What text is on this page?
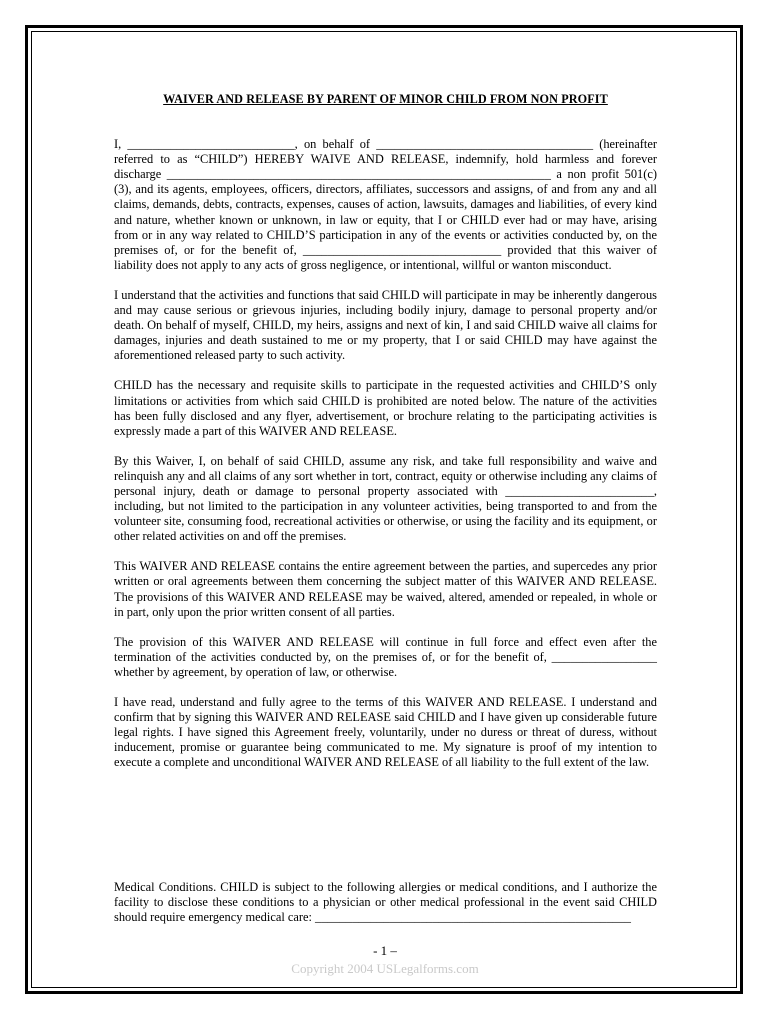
WAIVER AND RELEASE BY PARENT OF MINOR CHILD FROM NON PROFIT

I, ___________________________, on behalf of ___________________________________ (hereinafter referred to as “CHILD”) HEREBY WAIVE AND RELEASE, indemnify, hold harmless and forever discharge ______________________________________________________________ a non profit 501(c) (3), and its agents, employees, officers, directors, affiliates, successors and assigns, of and from any and all claims, demands, debts, contracts, expenses, causes of action, lawsuits, damages and liabilities, of every kind and nature, whether known or unknown, in law or equity, that I or CHILD ever had or may have, arising from or in any way related to CHILD’S participation in any of the events or activities conducted by, on the premises of, or for the benefit of, ________________________________ provided that this waiver of liability does not apply to any acts of gross negligence, or intentional, willful or wanton misconduct.

I understand that the activities and functions that said CHILD will participate in may be inherently dangerous and may cause serious or grievous injuries, including bodily injury, damage to personal property and/or death. On behalf of myself, CHILD, my heirs, assigns and next of kin, I and said CHILD waive all claims for damages, injuries and death sustained to me or my property, that I or said CHILD may have against the aforementioned released party to such activity.

CHILD has the necessary and requisite skills to participate in the requested activities and CHILD’S only limitations or activities from which said CHILD is prohibited are noted below. The nature of the activities has been fully disclosed and any flyer, advertisement, or brochure relating to the participating activities is expressly made a part of this WAIVER AND RELEASE.

By this Waiver, I, on behalf of said CHILD, assume any risk, and take full responsibility and waive and relinquish any and all claims of any sort whether in tort, contract, equity or otherwise including any claims of personal injury, death or damage to personal property associated with ________________________, including, but not limited to the participation in any volunteer activities, being transported to and from the volunteer site, consuming food, recreational activities or otherwise, or using the facility and its equipment, or other related activities on and off the premises.

This WAIVER AND RELEASE contains the entire agreement between the parties, and supercedes any prior written or oral agreements between them concerning the subject matter of this WAIVER AND RELEASE. The provisions of this WAIVER AND RELEASE may be waived, altered, amended or repealed, in whole or in part, only upon the prior written consent of all parties.

The provision of this WAIVER AND RELEASE will continue in full force and effect even after the termination of the activities conducted by, on the premises of, or for the benefit of, _________________ whether by agreement, by operation of law, or otherwise.

I have read, understand and fully agree to the terms of this WAIVER AND RELEASE. I understand and confirm that by signing this WAIVER AND RELEASE said CHILD and I have given up considerable future legal rights. I have signed this Agreement freely, voluntarily, under no duress or threat of duress, without inducement, promise or guarantee being communicated to me. My signature is proof of my intention to execute a complete and unconditional WAIVER AND RELEASE of all liability to the full extent of the law.

Medical Conditions. CHILD is subject to the following allergies or medical conditions, and I authorize the facility to disclose these conditions to a physician or other medical professional in the event said CHILD should require emergency medical care: ___________________________________________________
- 1 –
Copyright 2004 USLegalforms.com
